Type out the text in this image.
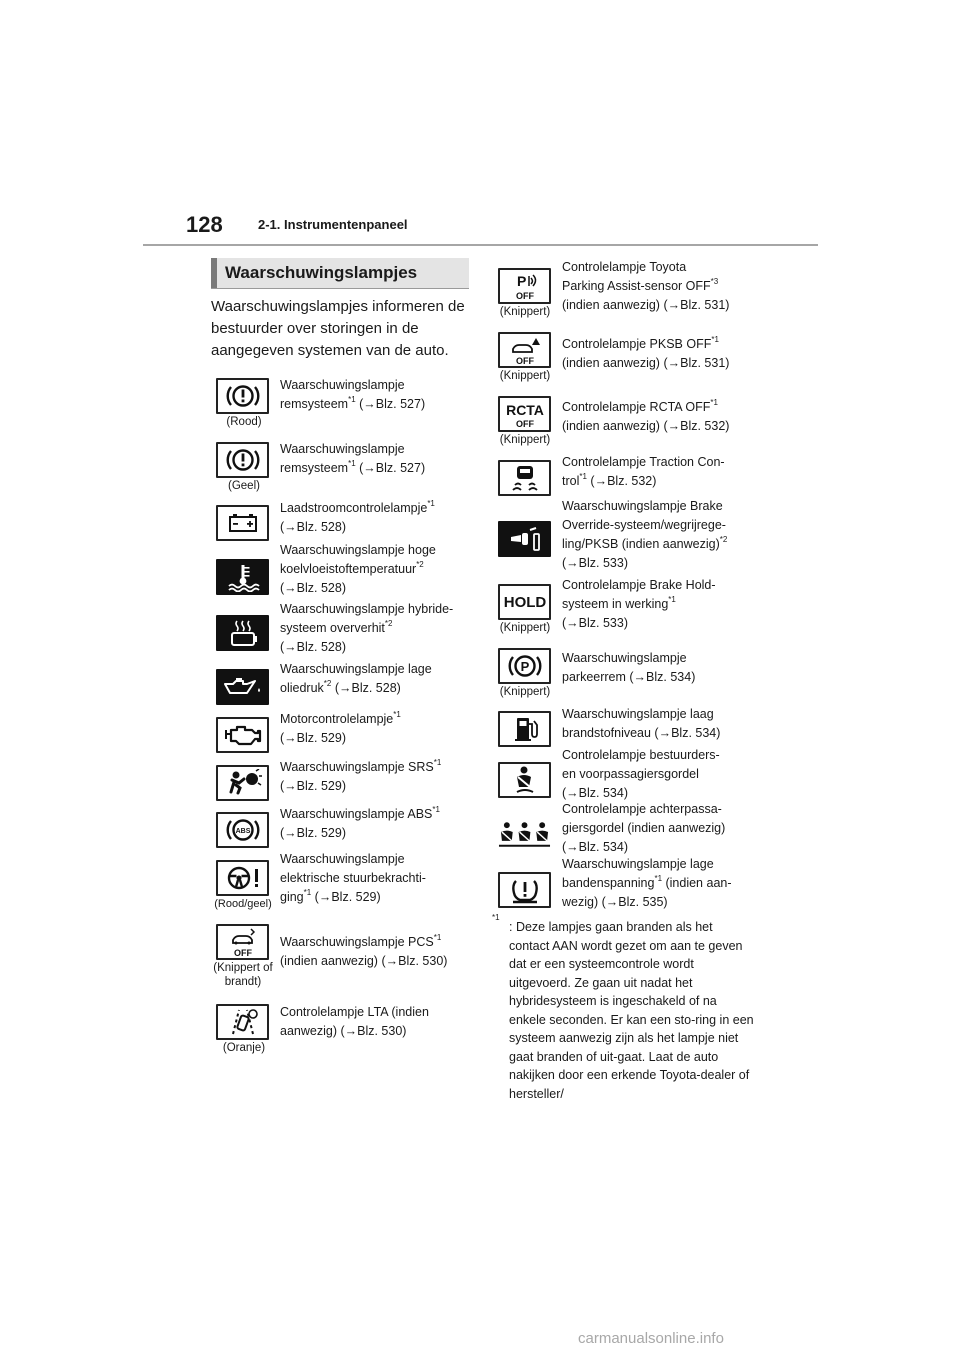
128	2-1. Instrumentenpaneel
Waarschuwingslampjes
Waarschuwingslampjes informeren de bestuurder over storingen in de aangegeven systemen van de auto.
(Rood)
Waarschuwingslampje
remsysteem$^{*1}$ (→Blz. 527)
(Geel)
Waarschuwingslampje
remsysteem$^{*1}$ (→Blz. 527)
Laadstroomcontrolelampje$^{*1}$
(→Blz. 528)
Waarschuwingslampje hoge
koelvloeistoftemperatuur$^{*2}$
(→Blz. 528)
Waarschuwingslampje hybride-
systeem oververhit$^{*2}$
(→Blz. 528)
Waarschuwingslampje lage
oliedruk$^{*2}$ (→Blz. 528)
Motorcontrolelampje$^{*1}$
(→Blz. 529)
Waarschuwingslampje SRS$^{*1}$
(→Blz. 529)
ABS
Waarschuwingslampje ABS$^{*1}$
(→Blz. 529)
(Rood/geel)
Waarschuwingslampje
elektrische stuurbekrachti-
ging$^{*1}$ (→Blz. 529)
OFF
(Knippert of brandt)
Waarschuwingslampje PCS$^{*1}$
(indien aanwezig) (→Blz. 530)
(Oranje)
Controlelampje LTA (indien
aanwezig) (→Blz. 530)
P
OFF
(Knippert)
Controlelampje Toyota
Parking Assist-sensor OFF$^{*3}$
(indien aanwezig) (→Blz. 531)
OFF
(Knippert)
Controlelampje PKSB OFF$^{*1}$
(indien aanwezig) (→Blz. 531)
RCTA
OFF
(Knippert)
Controlelampje RCTA OFF$^{*1}$
(indien aanwezig) (→Blz. 532)
Controlelampje Traction Con-
trol$^{*1}$ (→Blz. 532)
Waarschuwingslampje Brake
Override-systeem/wegrijrege-
ling/PKSB (indien aanwezig)$^{*2}$
(→Blz. 533)
HOLD
(Knippert)
Controlelampje Brake Hold-
systeem in werking$^{*1}$
(→Blz. 533)
P
(Knippert)
Waarschuwingslampje
parkeerrem (→Blz. 534)
Waarschuwingslampje laag
brandstofniveau (→Blz. 534)
Controlelampje bestuurders-
en voorpassagiersgordel
(→Blz. 534)
Controlelampje achterpassa-
giersgordel (indien aanwezig)
(→Blz. 534)
Waarschuwingslampje lage
bandenspanning$^{*1}$ (indien aan-
wezig) (→Blz. 535)
*1
: Deze lampjes gaan branden als het contact AAN wordt gezet om aan te geven dat er een systeemcontrole wordt uitgevoerd. Ze gaan uit nadat het hybridesysteem is ingeschakeld of na enkele seconden. Er kan een sto-ring in een systeem aanwezig zijn als het lampje niet gaat branden of uit-gaat. Laat de auto nakijken door een erkende Toyota-dealer of hersteller/
carmanualsonline.info
